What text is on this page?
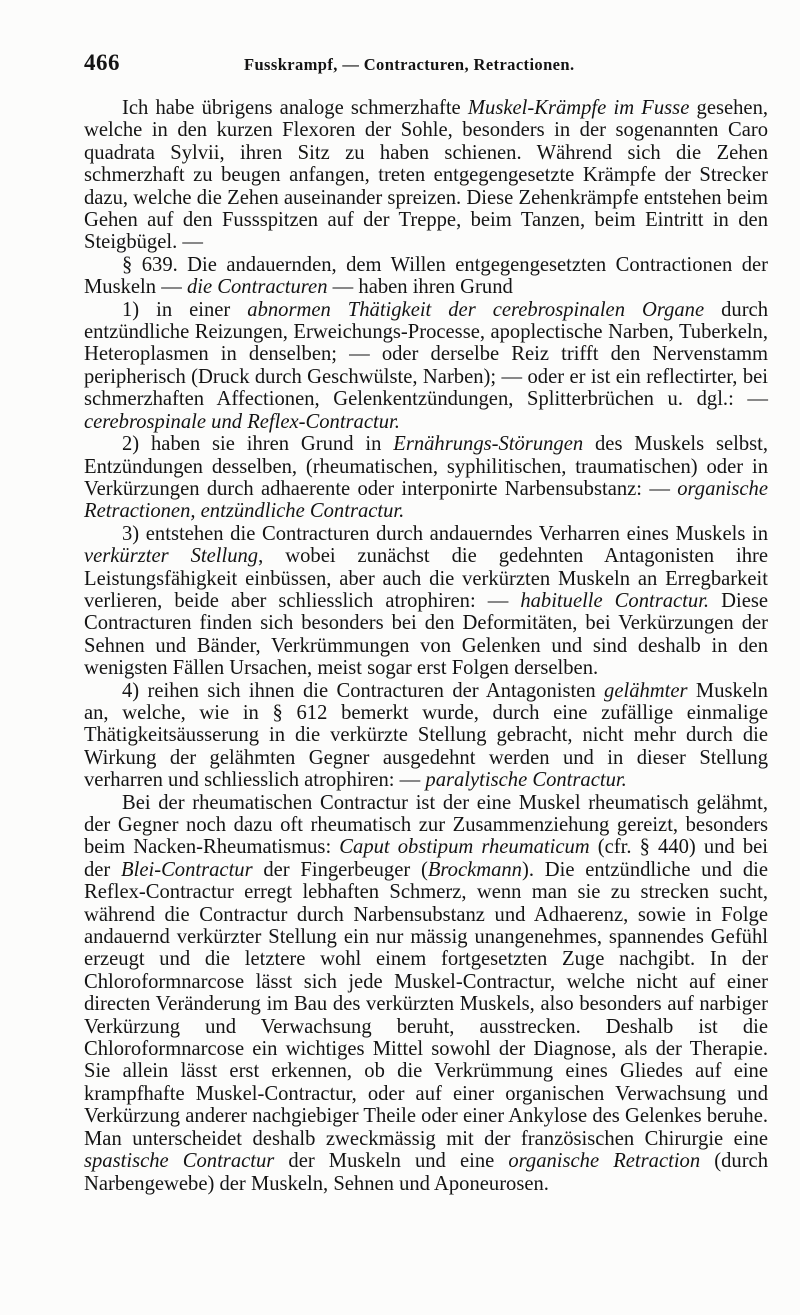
466	Fusskrampf, — Contracturen, Retractionen.

Ich habe übrigens analoge schmerzhafte Muskel-Krämpfe im Fusse gesehen, welche in den kurzen Flexoren der Sohle, besonders in der sogenannten Caro quadrata Sylvii, ihren Sitz zu haben schienen. Während sich die Zehen schmerzhaft zu beugen anfangen, treten entgegengesetzte Krämpfe der Strecker dazu, welche die Zehen auseinander spreizen. Diese Zehenkrämpfe entstehen beim Gehen auf den Fussspitzen auf der Treppe, beim Tanzen, beim Eintritt in den Steigbügel. —

§ 639. Die andauernden, dem Willen entgegengesetzten Contractionen der Muskeln — die Contracturen — haben ihren Grund

1) in einer abnormen Thätigkeit der cerebrospinalen Organe durch entzündliche Reizungen, Erweichungs-Processe, apoplectische Narben, Tuberkeln, Heteroplasmen in denselben; — oder derselbe Reiz trifft den Nervenstamm peripherisch (Druck durch Geschwülste, Narben); — oder er ist ein reflectirter, bei schmerzhaften Affectionen, Gelenkentzündungen, Splitterbrüchen u. dgl.: — cerebrospinale und Reflex-Contractur.

2) haben sie ihren Grund in Ernährungs-Störungen des Muskels selbst, Entzündungen desselben, (rheumatischen, syphilitischen, traumatischen) oder in Verkürzungen durch adhaerente oder interponirte Narbensubstanz: — organische Retractionen, entzündliche Contractur.

3) entstehen die Contracturen durch andauerndes Verharren eines Muskels in verkürzter Stellung, wobei zunächst die gedehnten Antagonisten ihre Leistungsfähigkeit einbüssen, aber auch die verkürzten Muskeln an Erregbarkeit verlieren, beide aber schliesslich atrophiren: — habituelle Contractur. Diese Contracturen finden sich besonders bei den Deformitäten, bei Verkürzungen der Sehnen und Bänder, Verkrümmungen von Gelenken und sind deshalb in den wenigsten Fällen Ursachen, meist sogar erst Folgen derselben.

4) reihen sich ihnen die Contracturen der Antagonisten gelähmter Muskeln an, welche, wie in § 612 bemerkt wurde, durch eine zufällige einmalige Thätigkeitsäusserung in die verkürzte Stellung gebracht, nicht mehr durch die Wirkung der gelähmten Gegner ausgedehnt werden und in dieser Stellung verharren und schliesslich atrophiren: — paralytische Contractur.

Bei der rheumatischen Contractur ist der eine Muskel rheumatisch gelähmt, der Gegner noch dazu oft rheumatisch zur Zusammenziehung gereizt, besonders beim Nacken-Rheumatismus: Caput obstipum rheumaticum (cfr. § 440) und bei der Blei-Contractur der Fingerbeuger (Brockmann). Die entzündliche und die Reflex-Contractur erregt lebhaften Schmerz, wenn man sie zu strecken sucht, während die Contractur durch Narbensubstanz und Adhaerenz, sowie in Folge andauernd verkürzter Stellung ein nur mässig unangenehmes, spannendes Gefühl erzeugt und die letztere wohl einem fortgesetzten Zuge nachgibt. In der Chloroformnarcose lässt sich jede Muskel-Contractur, welche nicht auf einer directen Veränderung im Bau des verkürzten Muskels, also besonders auf narbiger Verkürzung und Verwachsung beruht, ausstrecken. Deshalb ist die Chloroformnarcose ein wichtiges Mittel sowohl der Diagnose, als der Therapie. Sie allein lässt erst erkennen, ob die Verkrümmung eines Gliedes auf eine krampfhafte Muskel-Contractur, oder auf einer organischen Verwachsung und Verkürzung anderer nachgiebiger Theile oder einer Ankylose des Gelenkes beruhe. Man unterscheidet deshalb zweckmässig mit der französischen Chirurgie eine spastische Contractur der Muskeln und eine organische Retraction (durch Narbengewebe) der Muskeln, Sehnen und Aponeurosen.
